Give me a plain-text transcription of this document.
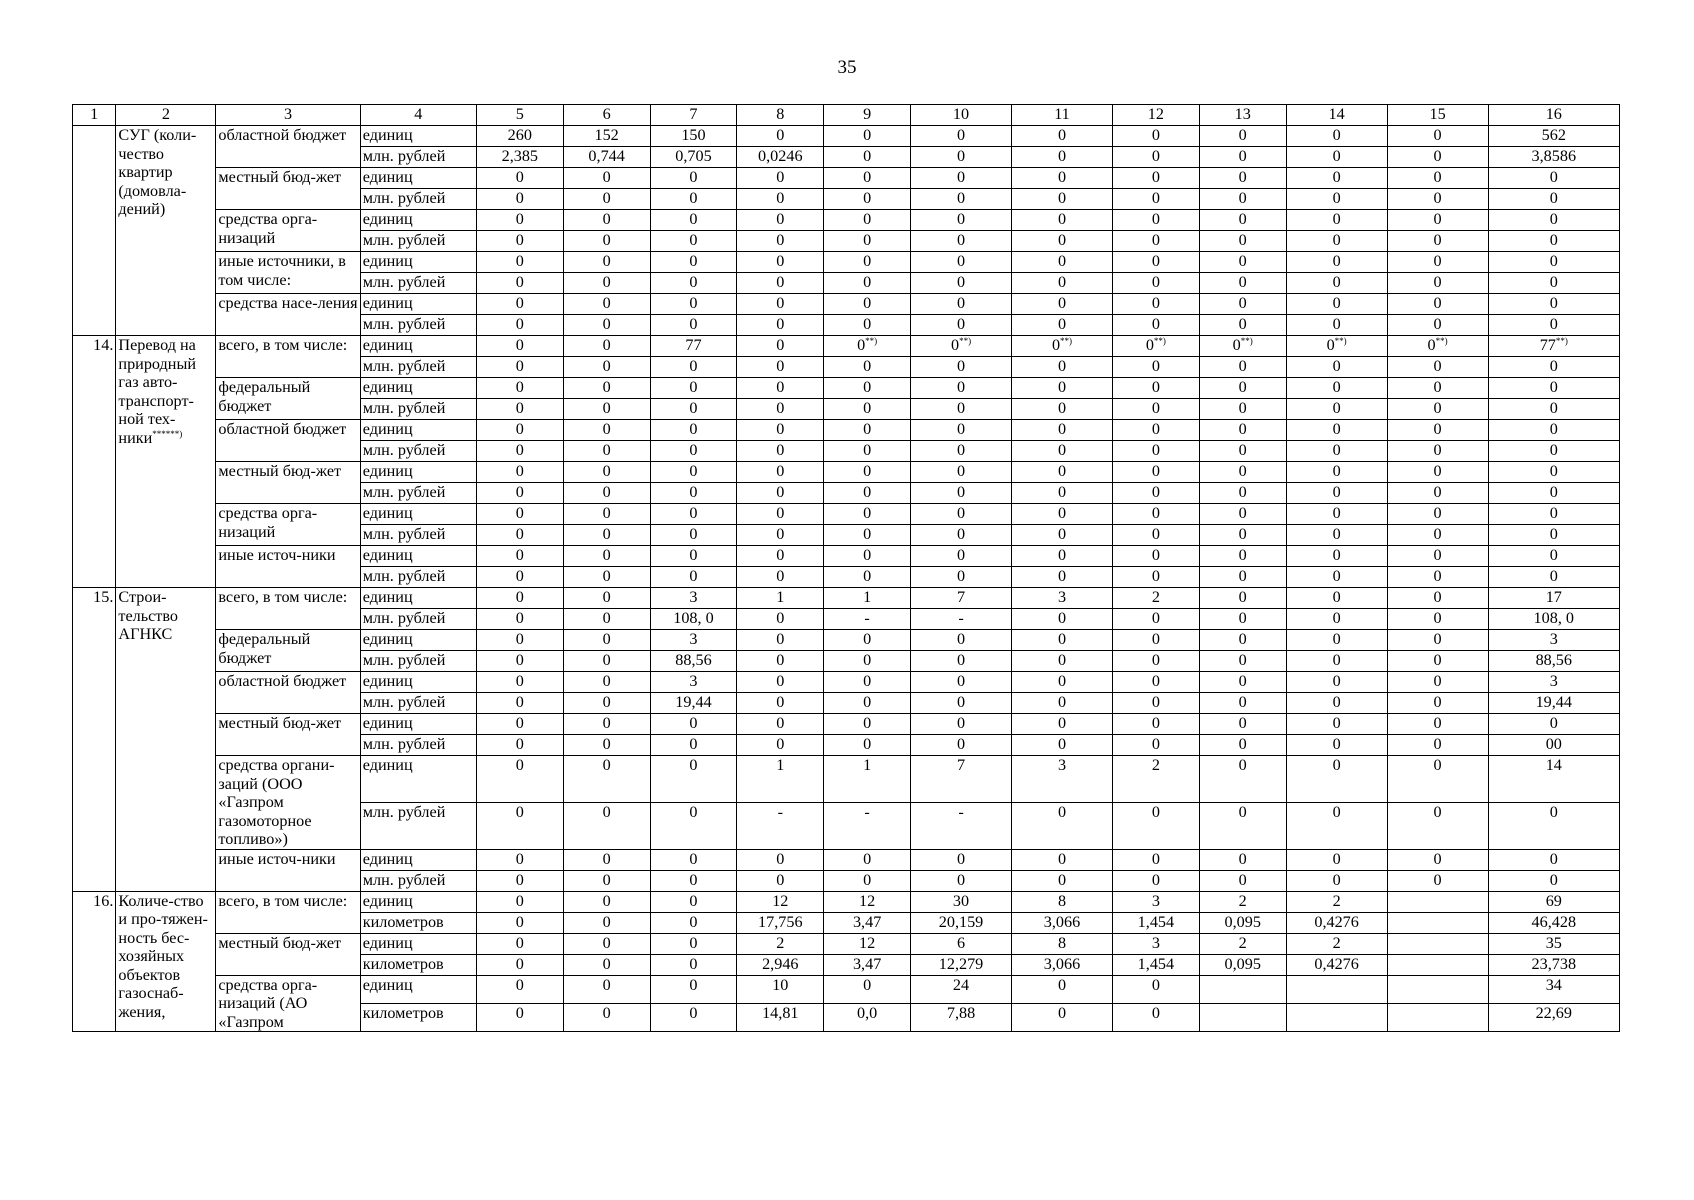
35
1	2	3	4	5	6	7	8	9	10	11	12	13	14	15	16
	СУГ (коли-чество квартир (домовла-дений)	областной бюджет	единиц	260	152	150	0	0	0	0	0	0	0	0	562
			млн. рублей	2,385	0,744	0,705	0,0246	0	0	0	0	0	0	0	3,8586
		местный бюд-жет	единиц	0	0	0	0	0	0	0	0	0	0	0	0
			млн. рублей	0	0	0	0	0	0	0	0	0	0	0	0
		средства орга-низаций	единиц	0	0	0	0	0	0	0	0	0	0	0	0
			млн. рублей	0	0	0	0	0	0	0	0	0	0	0	0
		иные источники, в том числе:	единиц	0	0	0	0	0	0	0	0	0	0	0	0
			млн. рублей	0	0	0	0	0	0	0	0	0	0	0	0
		средства насе-ления	единиц	0	0	0	0	0	0	0	0	0	0	0	0
			млн. рублей	0	0	0	0	0	0	0	0	0	0	0	0
14.	Перевод на природный газ авто-транспорт-ной тех-ники******)	всего, в том числе:	единиц	0	0	77	0	0**)	0**)	0**)	0**)	0**)	0**)	0**)	77**)
			млн. рублей	0	0	0	0	0	0	0	0	0	0	0	0
		федеральный бюджет	единиц	0	0	0	0	0	0	0	0	0	0	0	0
			млн. рублей	0	0	0	0	0	0	0	0	0	0	0	0
		областной бюджет	единиц	0	0	0	0	0	0	0	0	0	0	0	0
			млн. рублей	0	0	0	0	0	0	0	0	0	0	0	0
		местный бюд-жет	единиц	0	0	0	0	0	0	0	0	0	0	0	0
			млн. рублей	0	0	0	0	0	0	0	0	0	0	0	0
		средства орга-низаций	единиц	0	0	0	0	0	0	0	0	0	0	0	0
			млн. рублей	0	0	0	0	0	0	0	0	0	0	0	0
		иные источ-ники	единиц	0	0	0	0	0	0	0	0	0	0	0	0
			млн. рублей	0	0	0	0	0	0	0	0	0	0	0	0
15.	Строи-тельство АГНКС	всего, в том числе:	единиц	0	0	3	1	1	7	3	2	0	0	0	17
			млн. рублей	0	0	108, 0	0	-	-	0	0	0	0	0	108, 0
		федеральный бюджет	единиц	0	0	3	0	0	0	0	0	0	0	0	3
			млн. рублей	0	0	88,56	0	0	0	0	0	0	0	0	88,56
		областной бюджет	единиц	0	0	3	0	0	0	0	0	0	0	0	3
			млн. рублей	0	0	19,44	0	0	0	0	0	0	0	0	19,44
		местный бюд-жет	единиц	0	0	0	0	0	0	0	0	0	0	0	0
			млн. рублей	0	0	0	0	0	0	0	0	0	0	0	00
		средства органи-заций (ООО «Газпром газомоторное топливо»)	единиц	0	0	0	1	1	7	3	2	0	0	0	14
			млн. рублей	0	0	0	-	-	-	0	0	0	0	0	0
		иные источ-ники	единиц	0	0	0	0	0	0	0	0	0	0	0	0
			млн. рублей	0	0	0	0	0	0	0	0	0	0	0	0
16.	Количе-ство и про-тяжен-ность бес-хозяйных объектов газоснаб-жения,	всего, в том числе:	единиц	0	0	0	12	12	30	8	3	2	2		69
			километров	0	0	0	17,756	3,47	20,159	3,066	1,454	0,095	0,4276		46,428
		местный бюд-жет	единиц	0	0	0	2	12	6	8	3	2	2		35
			километров	0	0	0	2,946	3,47	12,279	3,066	1,454	0,095	0,4276		23,738
		средства орга-низаций (АО «Газпром	единиц	0	0	0	10	0	24	0	0				34
			километров	0	0	0	14,81	0,0	7,88	0	0				22,69
